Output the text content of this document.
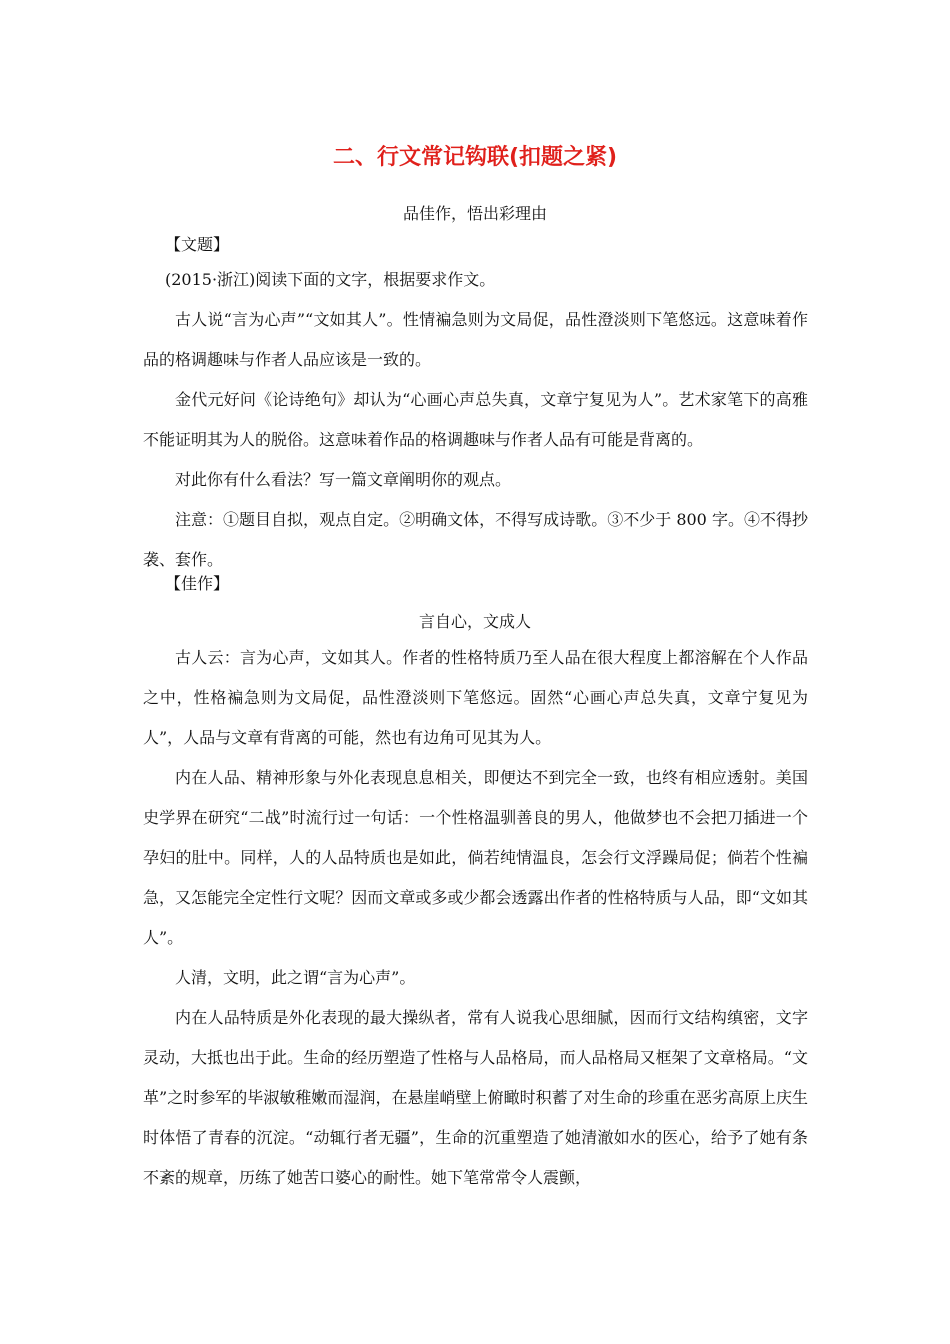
二、行文常记钩联(扣题之紧)
品佳作，悟出彩理由
【文题】

(2015·浙江)阅读下面的文字，根据要求作文。

古人说“言为心声”“文如其人”。性情褊急则为文局促，品性澄淡则下笔悠远。这意味着作品的格调趣味与作者人品应该是一致的。

金代元好问《论诗绝句》却认为“心画心声总失真，文章宁复见为人”。艺术家笔下的高雅不能证明其为人的脱俗。这意味着作品的格调趣味与作者人品有可能是背离的。

对此你有什么看法？写一篇文章阐明你的观点。

注意：①题目自拟，观点自定。②明确文体，不得写成诗歌。③不少于 800 字。④不得抄袭、套作。

【佳作】
言自心，文成人

古人云：言为心声，文如其人。作者的性格特质乃至人品在很大程度上都溶解在个人作品之中，性格褊急则为文局促，品性澄淡则下笔悠远。固然“心画心声总失真，文章宁复见为人”，人品与文章有背离的可能，然也有边角可见其为人。

内在人品、精神形象与外化表现息息相关，即便达不到完全一致，也终有相应透射。美国史学界在研究“二战”时流行过一句话：一个性格温驯善良的男人，他做梦也不会把刀插进一个孕妇的肚中。同样，人的人品特质也是如此，倘若纯情温良，怎会行文浮躁局促；倘若个性褊急，又怎能完全定性行文呢？因而文章或多或少都会透露出作者的性格特质与人品，即“文如其人”。

人清，文明，此之谓“言为心声”。

内在人品特质是外化表现的最大操纵者，常有人说我心思细腻，因而行文结构缜密，文字灵动，大抵也出于此。生命的经历塑造了性格与人品格局，而人品格局又框架了文章格局。“文革”之时参军的毕淑敏稚嫩而湿润，在悬崖峭壁上俯瞰时积蓄了对生命的珍重在恶劣高原上庆生时体悟了青春的沉淀。“动辄行者无疆”，生命的沉重塑造了她清澈如水的医心，给予了她有条不紊的规章，历练了她苦口婆心的耐性。她下笔常常令人震颤，
